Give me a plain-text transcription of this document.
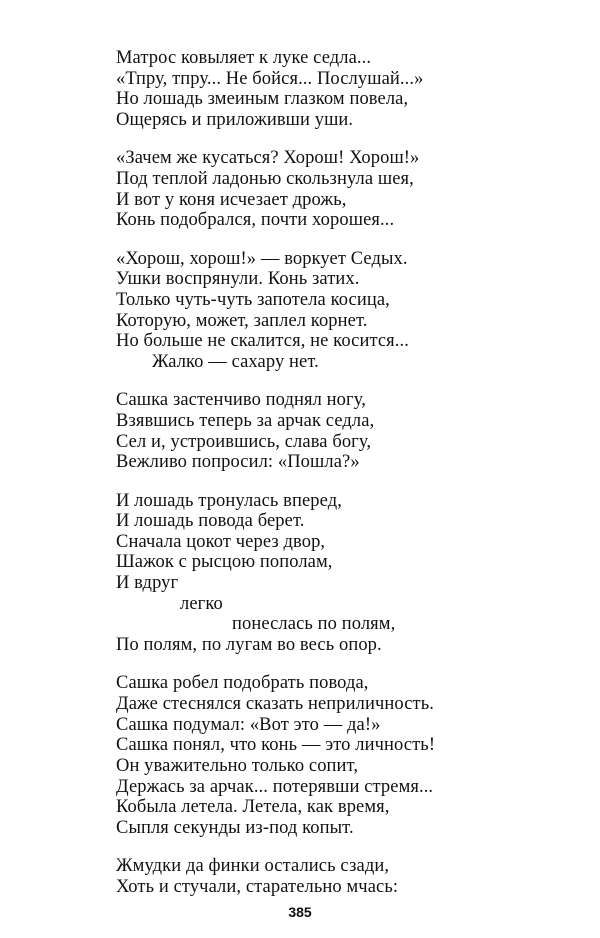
Матрос ковыляет к луке седла...
«Тпру, тпру... Не бойся... Послушай...»
Но лошадь змеиным глазком повела,
Ощерясь и приложивши уши.
«Зачем же кусаться? Хорош! Хорош!»
Под теплой ладонью скользнула шея,
И вот у коня исчезает дрожь,
Конь подобрался, почти хорошея...
«Хорош, хорош!» — воркует Седых.
Ушки воспрянули. Конь затих.
Только чуть-чуть запотела косица,
Которую, может, заплел корнет.
Но больше не скалится, не косится...
Жалко — сахару нет.
Сашка застенчиво поднял ногу,
Взявшись теперь за арчак седла,
Сел и, устроившись, слава богу,
Вежливо попросил: «Пошла?»
И лошадь тронулась вперед,
И лошадь повода берет.
Сначала цокот через двор,
Шажок с рысцою пополам,
И вдруг
легко
понеслась по полям,
По полям, по лугам во весь опор.
Сашка робел подобрать повода,
Даже стеснялся сказать неприличность.
Сашка подумал: «Вот это — да!»
Сашка понял, что конь — это личность!
Он уважительно только сопит,
Держась за арчак... потерявши стремя...
Кобыла летела. Летела, как время,
Сыпля секунды из-под копыт.
Жмудки да финки остались сзади,
Хоть и стучали, старательно мчась:
385
